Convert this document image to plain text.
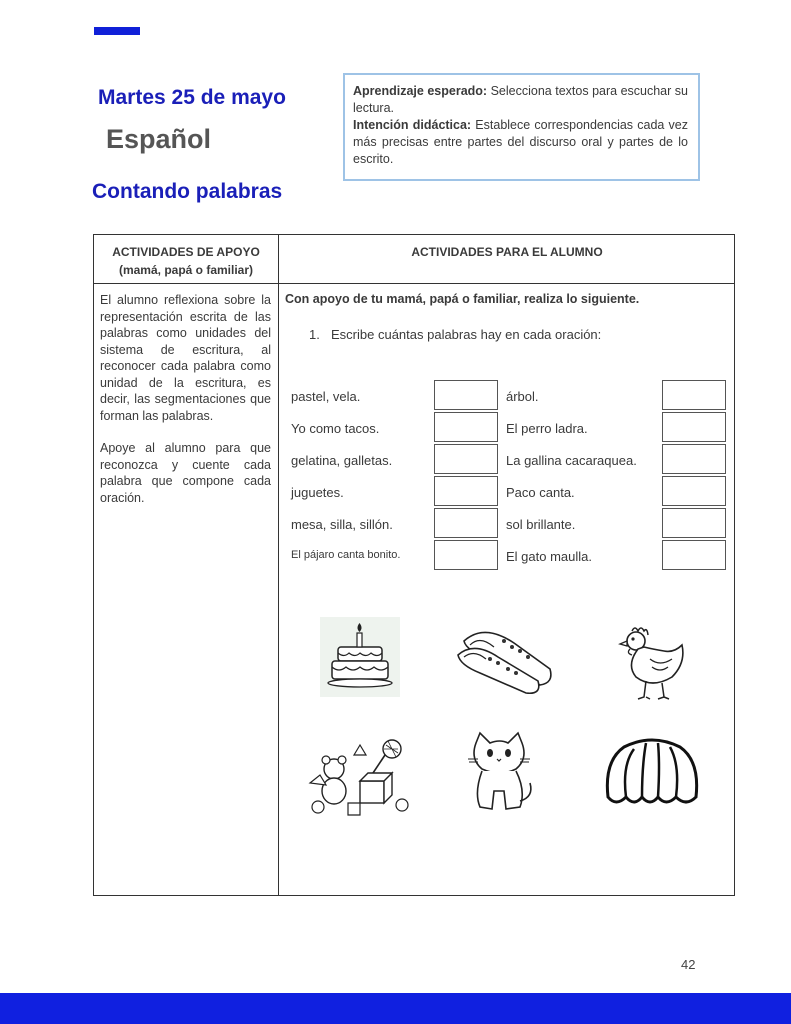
Martes 25 de mayo
Español
Contando palabras
Aprendizaje esperado: Selecciona textos para escuchar su lectura.
Intención didáctica: Establece correspondencias cada vez más precisas entre partes del discurso oral y partes de lo escrito.
ACTIVIDADES DE APOYO
(mamá, papá o familiar)
ACTIVIDADES PARA EL ALUMNO

El alumno reflexiona sobre la representación escrita de las palabras como unidades del sistema de escritura, al reconocer cada palabra como unidad de la escritura, es decir, las segmentaciones que forman las palabras.

Apoye al alumno para que reconozca y cuente cada palabra que compone cada oración.

Con apoyo de tu mamá, papá o familiar, realiza lo siguiente.
1. Escribe cuántas palabras hay en cada oración:
pastel, vela.
Yo como tacos.
gelatina, galletas.
juguetes.
mesa, silla, sillón.
El pájaro canta bonito.
árbol.
El perro ladra.
La gallina cacaraquea.
Paco canta.
sol brillante.
El gato maulla.
42
